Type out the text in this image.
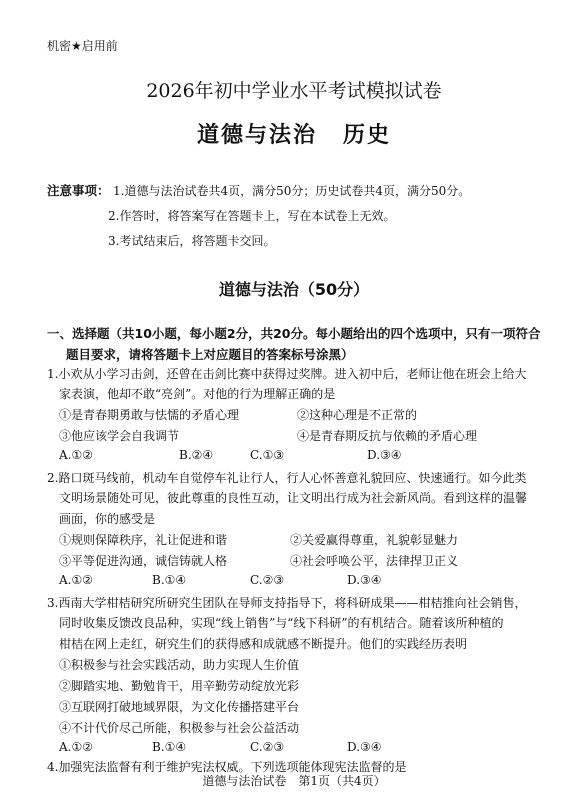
机密★启用前
2026年初中学业水平考试模拟试卷
道德与法治 历史
注意事项： 1.道德与法治试卷共4页，满分50分；历史试卷共4页，满分50分。
2.作答时，将答案写在答题卡上，写在本试卷上无效。
3.考试结束后，将答题卡交回。
道德与法治（50分）
一、选择题（共10小题，每小题2分，共20分。每小题给出的四个选项中，只有一项符合
题目要求，请将答题卡上对应题目的答案标号涂黑）
1.小欢从小学习击剑，还曾在击剑比赛中获得过奖牌。进入初中后，老师让他在班会上给大
家表演，他却不敢“亮剑”。对他的行为理解正确的是
①是青春期勇敢与怯懦的矛盾心理	②这种心理是不正常的
③他应该学会自我调节	④是青春期反抗与依赖的矛盾心理
A.①②	B.②④	C.①③	D.③④
2.路口斑马线前，机动车自觉停车礼让行人，行人心怀善意礼貌回应、快速通行。如今此类
文明场景随处可见，彼此尊重的良性互动，让文明出行成为社会新风尚。看到这样的温馨
画面，你的感受是
①规则保障秩序，礼让促进和谐	②关爱赢得尊重，礼貌彰显魅力
③平等促进沟通，诚信铸就人格	④社会呼唤公平，法律捍卫正义
A.①②	B.①④	C.②③	D.③④
3.西南大学柑桔研究所研究生团队在导师支持指导下，将科研成果——柑桔推向社会销售，
同时收集反馈改良品种，实现“线上销售”与“线下科研”的有机结合。随着该所种植的
柑桔在网上走红，研究生们的获得感和成就感不断提升。他们的实践经历表明
①积极参与社会实践活动，助力实现人生价值
②脚踏实地、勤勉肯干，用辛勤劳动绽放光彩
③互联网打破地域界限，为文化传播搭建平台
④不计代价尽己所能，积极参与社会公益活动
A.①②	B.①④	C.②③	D.③④
4.加强宪法监督有利于维护宪法权威。下列选项能体现宪法监督的是
道德与法治试卷　第1页（共4页）
